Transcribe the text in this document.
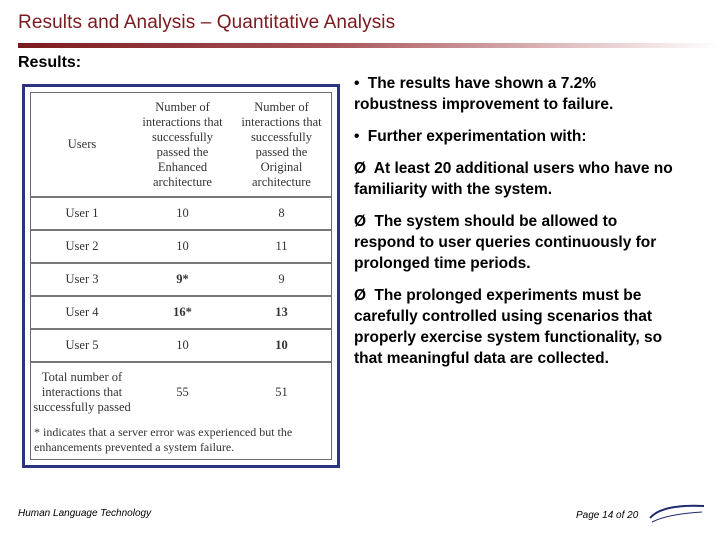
Results and Analysis – Quantitative Analysis
Results:
Users	Number of interactions that successfully passed the Enhanced architecture	Number of interactions that successfully passed the Original architecture
User 1	10	8
User 2	10	11
User 3	9*	9
User 4	16*	13
User 5	10	10
Total number of interactions that successfully passed	55	51
* indicates that a server error was experienced but the enhancements prevented a system failure.
• The results have shown a 7.2% robustness improvement to failure.
• Further experimentation with:
Ø At least 20 additional users who have no familiarity with the system.
Ø The system should be allowed to respond to user queries continuously for prolonged time periods.
Ø The prolonged experiments must be carefully controlled using scenarios that properly exercise system functionality, so that meaningful data are collected.
Human Language Technology	Page 14 of 20
